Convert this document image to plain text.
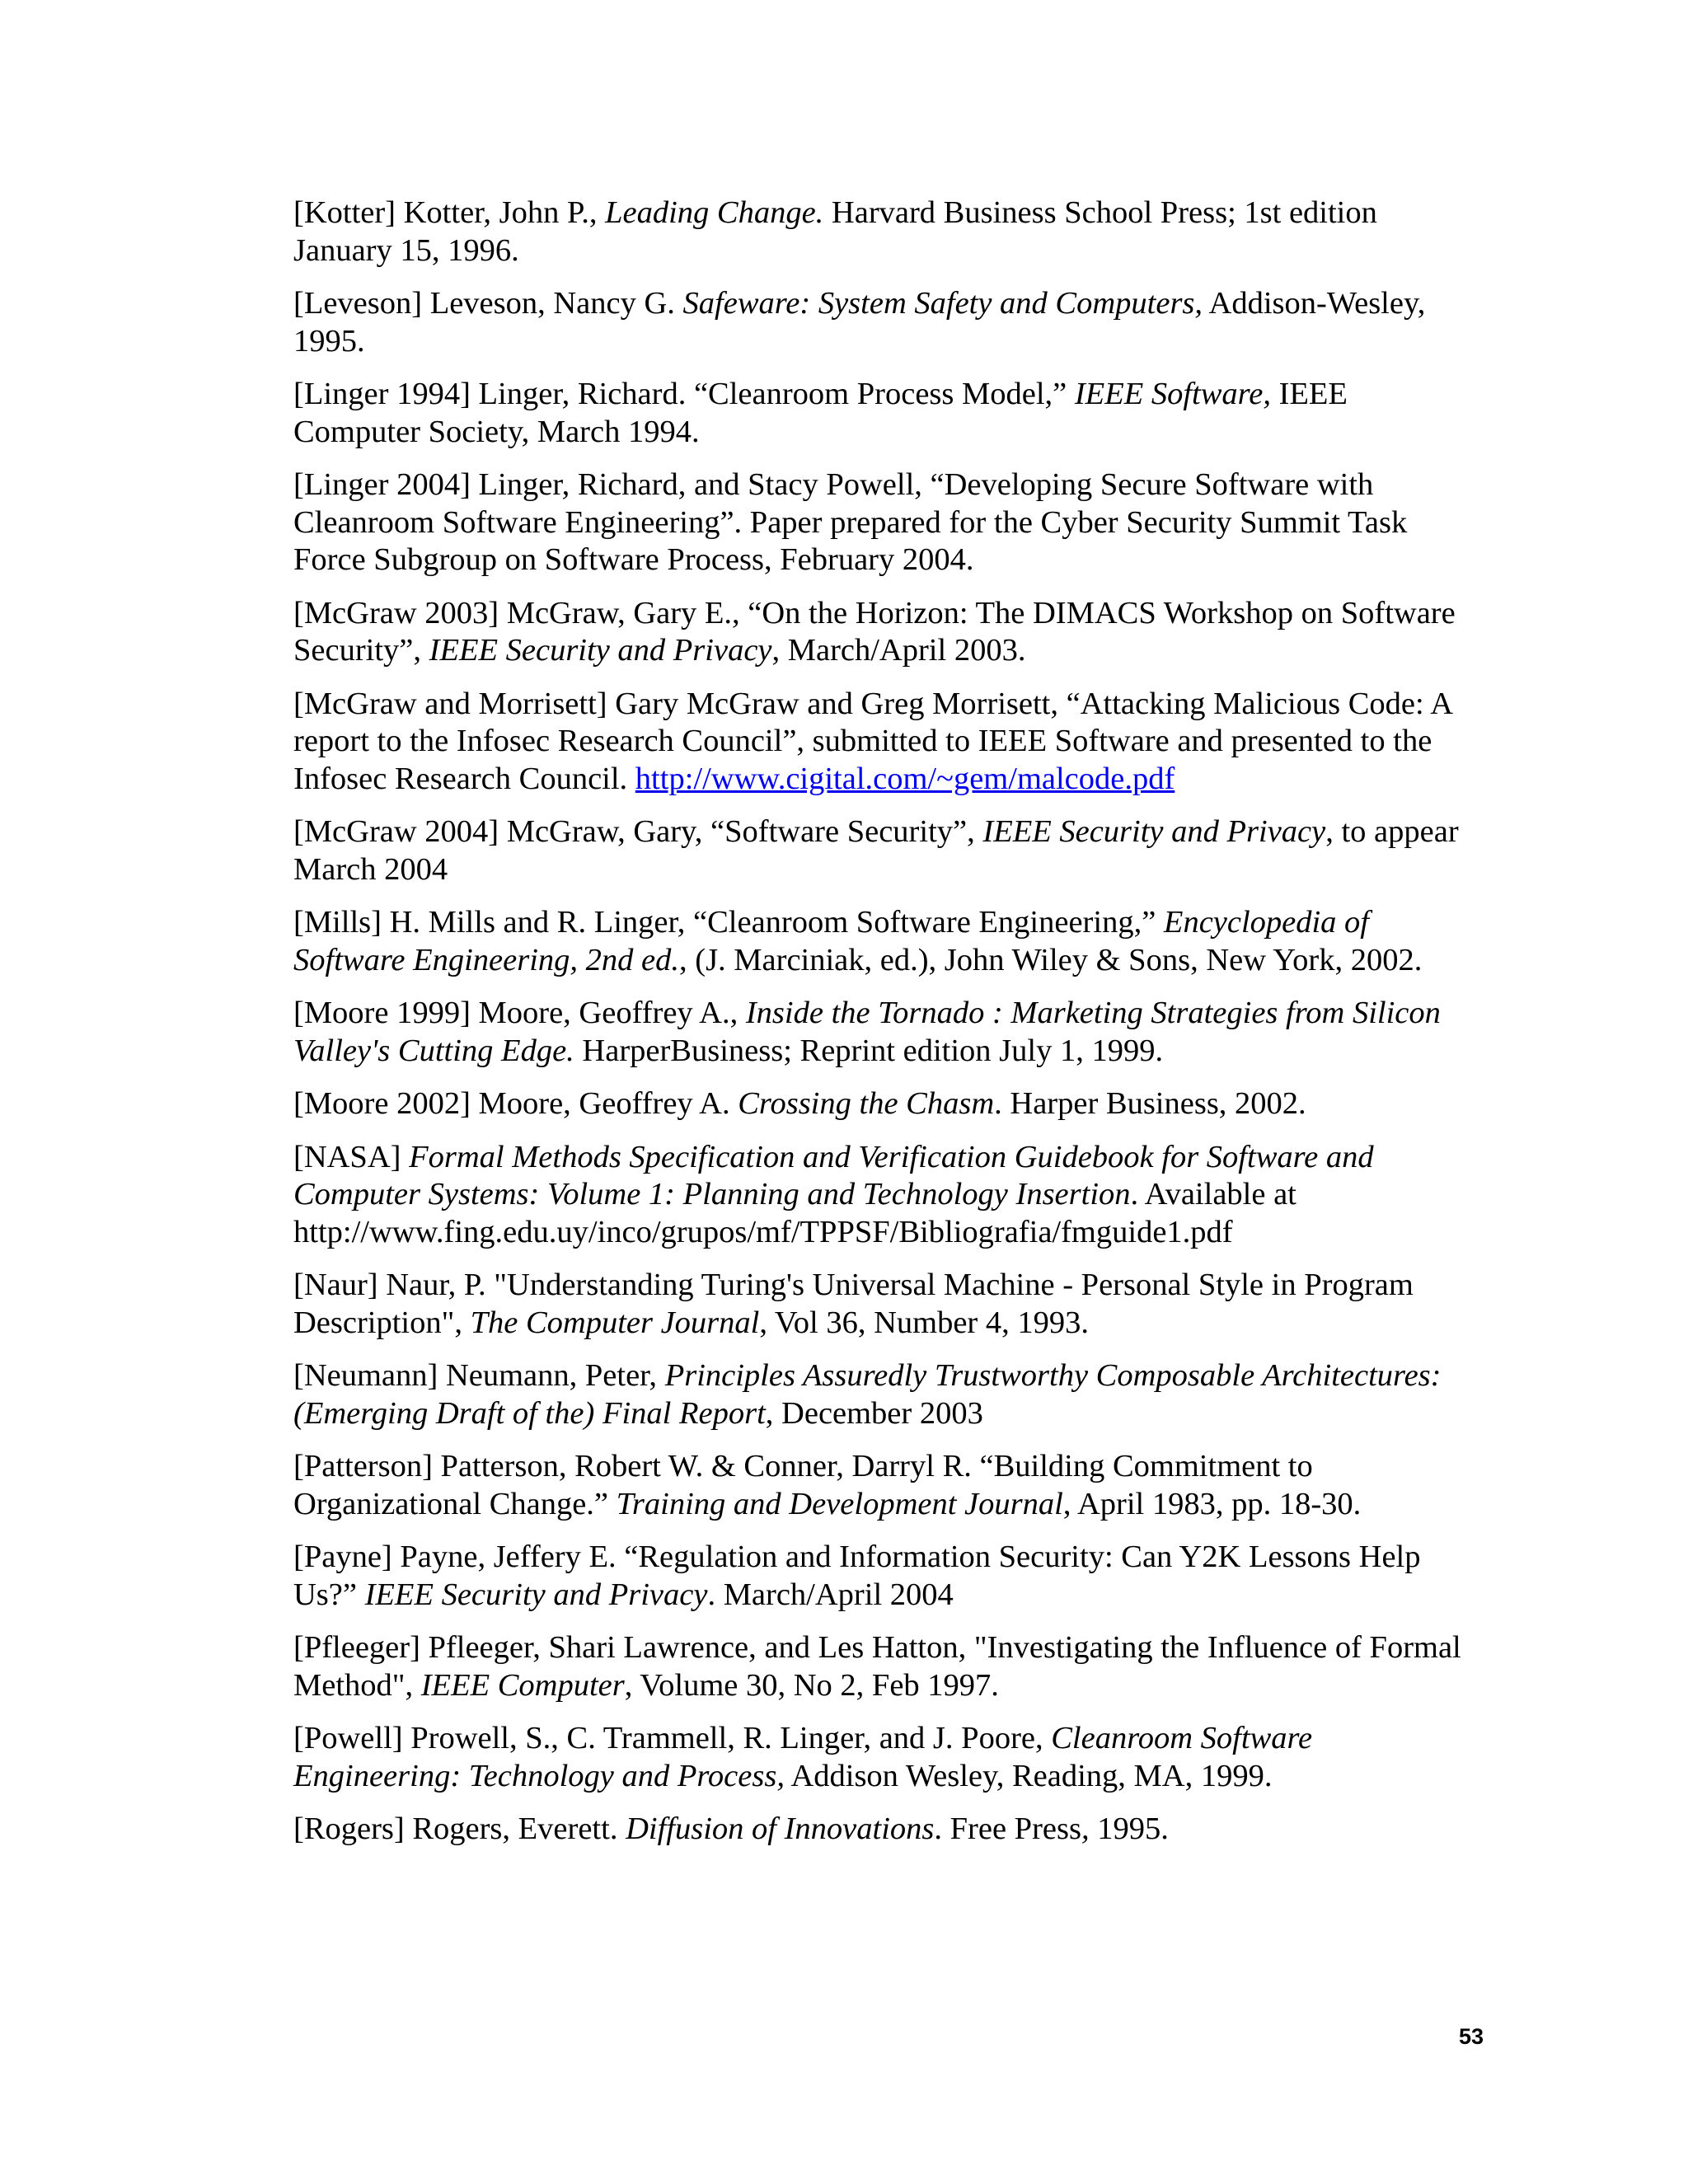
[Kotter] Kotter, John P., Leading Change. Harvard Business School Press; 1st edition January 15, 1996.

[Leveson] Leveson, Nancy G. Safeware: System Safety and Computers, Addison-Wesley, 1995.

[Linger 1994] Linger, Richard. “Cleanroom Process Model,” IEEE Software, IEEE Computer Society, March 1994.

[Linger 2004] Linger, Richard, and Stacy Powell, “Developing Secure Software with Cleanroom Software Engineering”. Paper prepared for the Cyber Security Summit Task Force Subgroup on Software Process, February 2004.

[McGraw 2003] McGraw, Gary E., “On the Horizon: The DIMACS Workshop on Software Security”, IEEE Security and Privacy, March/April 2003.

[McGraw and Morrisett] Gary McGraw and Greg Morrisett, “Attacking Malicious Code: A report to the Infosec Research Council”, submitted to IEEE Software and presented to the Infosec Research Council. http://www.cigital.com/~gem/malcode.pdf

[McGraw 2004] McGraw, Gary, “Software Security”, IEEE Security and Privacy, to appear March 2004

[Mills] H. Mills and R. Linger, “Cleanroom Software Engineering,” Encyclopedia of Software Engineering, 2nd ed., (J. Marciniak, ed.), John Wiley & Sons, New York, 2002.

[Moore 1999] Moore, Geoffrey A., Inside the Tornado : Marketing Strategies from Silicon Valley's Cutting Edge. HarperBusiness; Reprint edition July 1, 1999.

[Moore 2002] Moore, Geoffrey A. Crossing the Chasm. Harper Business, 2002.

[NASA] Formal Methods Specification and Verification Guidebook for Software and Computer Systems: Volume 1: Planning and Technology Insertion. Available at http://www.fing.edu.uy/inco/grupos/mf/TPPSF/Bibliografia/fmguide1.pdf

[Naur] Naur, P. "Understanding Turing's Universal Machine - Personal Style in Program Description", The Computer Journal, Vol 36, Number 4, 1993.

[Neumann] Neumann, Peter, Principles Assuredly Trustworthy Composable Architectures: (Emerging Draft of the) Final Report, December 2003

[Patterson] Patterson, Robert W. & Conner, Darryl R. “Building Commitment to Organizational Change.” Training and Development Journal, April 1983, pp. 18-30.

[Payne] Payne, Jeffery E. “Regulation and Information Security: Can Y2K Lessons Help Us?” IEEE Security and Privacy. March/April 2004

[Pfleeger] Pfleeger, Shari Lawrence, and Les Hatton, "Investigating the Influence of Formal Method", IEEE Computer, Volume 30, No 2, Feb 1997.

[Powell] Prowell, S., C. Trammell, R. Linger, and J. Poore, Cleanroom Software Engineering: Technology and Process, Addison Wesley, Reading, MA, 1999.

[Rogers] Rogers, Everett. Diffusion of Innovations. Free Press, 1995.

53
